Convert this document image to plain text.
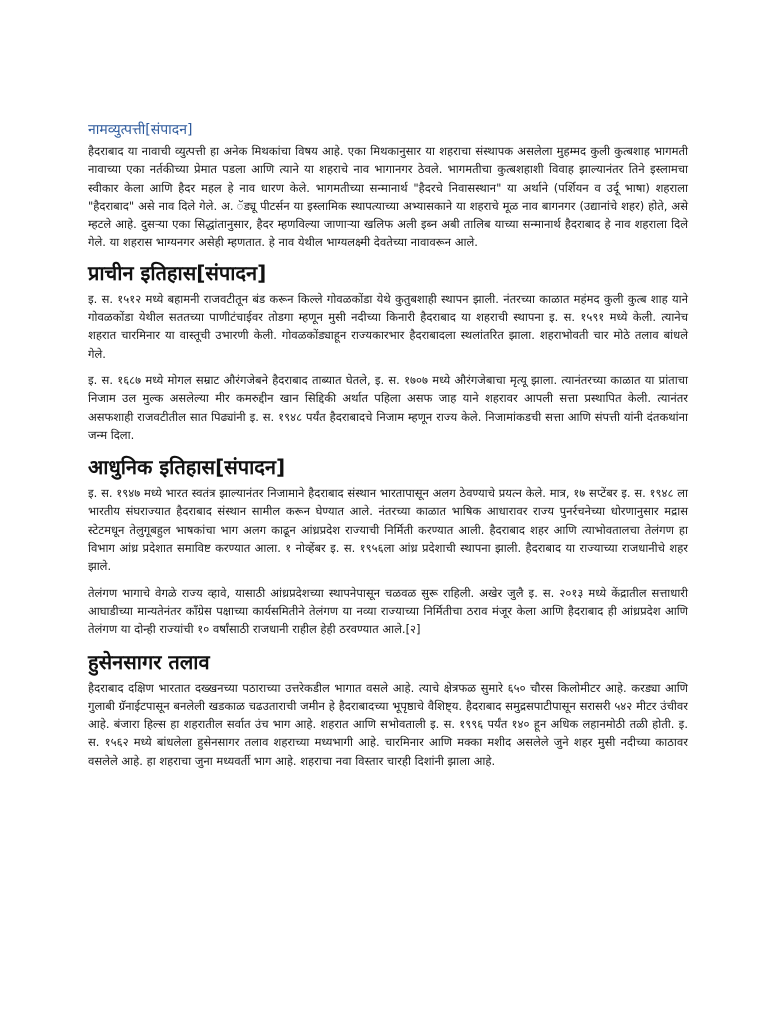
नामव्युत्पत्ती[संपादन]

हैदराबाद या नावाची व्युत्पत्ती हा अनेक मिथकांचा विषय आहे. एका मिथकानुसार या शहराचा संस्थापक असलेला मुहम्मद कुली कुत्बशाह भागमती नावाच्या एका नर्तकीच्या प्रेमात पडला आणि त्याने या शहराचे नाव भागानगर ठेवले. भागमतीचा कुत्बशहाशी विवाह झाल्यानंतर तिने इस्लामचा स्वीकार केला आणि हैदर महल हे नाव धारण केले. भागमतीच्या सन्मानार्थ "हैदरचे निवासस्थान" या अर्थाने (पर्शियन व उर्दू भाषा) शहराला "हैदराबाद" असे नाव दिले गेले. अ. ॅड्यू पीटर्सन या इस्लामिक स्थापत्याच्या अभ्यासकाने या शहराचे मूळ नाव बागनगर (उद्यानांचे शहर) होते, असे म्हटले आहे. दुसऱ्या एका सिद्धांतानुसार, हैदर म्हणविल्या जाणाऱ्या खलिफ अली इब्न अबी तालिब याच्या सन्मानार्थ हैदराबाद हे नाव शहराला दिले गेले. या शहरास भाग्यनगर असेही म्हणतात. हे नाव येथील भाग्यलक्ष्मी देवतेच्या नावावरून आले.

प्राचीन इतिहास[संपादन]

इ. स. १५१२ मध्ये बहामनी राजवटीतून बंड करून किल्ले गोवळकोंडा येथे कुतुबशाही स्थापन झाली. नंतरच्या काळात महंमद कुली कुत्ब शाह याने गोवळकोंडा येथील सततच्या पाणीटंचाईवर तोडगा म्हणून मुसी नदीच्या किनारी हैदराबाद या शहराची स्थापना इ. स. १५९१ मध्ये केली. त्यानेच शहरात चारमिनार या वास्तूची उभारणी केली. गोवळकोंड्याहून राज्यकारभार हैदराबादला स्थलांतरित झाला. शहराभोवती चार मोठे तलाव बांधले गेले.

इ. स. १६८७ मध्ये मोगल सम्राट औरंगजेबने हैदराबाद ताब्यात घेतले, इ. स. १७०७ मध्ये औरंगजेबाचा मृत्यू झाला. त्यानंतरच्या काळात या प्रांताचा निजाम उल मुल्क असलेल्या मीर कमरुद्दीन खान सिद्दिकी अर्थात पहिला असफ जाह याने शहरावर आपली सत्ता प्रस्थापित केली. त्यानंतर असफशाही राजवटीतील सात पिढ्यांनी इ. स. १९४८ पर्यंत हैदराबादचे निजाम म्हणून राज्य केले. निजामांकडची सत्ता आणि संपत्ती यांनी दंतकथांना जन्म दिला.

आधुनिक इतिहास[संपादन]

इ. स. १९४७ मध्ये भारत स्वतंत्र झाल्यानंतर निजामाने हैदराबाद संस्थान भारतापासून अलग ठेवण्याचे प्रयत्न केले. मात्र, १७ सप्टेंबर इ. स. १९४८ ला भारतीय संघराज्यात हैदराबाद संस्थान सामील करून घेण्यात आले. नंतरच्या काळात भाषिक आधारावर राज्य पुनर्रचनेच्या धोरणानुसार मद्रास स्टेटमधून तेलुगूबहुल भाषकांचा भाग अलग काढून आंध्रप्रदेश राज्याची निर्मिती करण्यात आली. हैदराबाद शहर आणि त्याभोवतालचा तेलंगण हा विभाग आंध्र प्रदेशात समाविष्ट करण्यात आला. १ नोव्हेंबर इ. स. १९५६ला आंध्र प्रदेशाची स्थापना झाली. हैदराबाद या राज्याच्या राजधानीचे शहर झाले.

तेलंगण भागाचे वेगळे राज्य व्हावे, यासाठी आंध्रप्रदेशच्या स्थापनेपासून चळवळ सुरू राहिली. अखेर जुलै इ. स. २०१३ मध्ये केंद्रातील सत्ताधारी आघाडीच्या मान्यतेनंतर कॉंग्रेस पक्षाच्या कार्यसमितीने तेलंगण या नव्या राज्याच्या निर्मितीचा ठराव मंजूर केला आणि हैदराबाद ही आंध्रप्रदेश आणि तेलंगण या दोन्ही राज्यांची १० वर्षांसाठी राजधानी राहील हेही ठरवण्यात आले.[२]

हुसेनसागर तलाव

हैदराबाद दक्षिण भारतात दख्खनच्या पठाराच्या उत्तरेकडील भागात वसले आहे. त्याचे क्षेत्रफळ सुमारे ६५० चौरस किलोमीटर आहे. करड्या आणि गुलाबी ग्रॅनाईटपासून बनलेली खडकाळ चढउताराची जमीन हे हैदराबादच्या भूपृष्ठाचे वैशिष्ट्य. हैदराबाद समुद्रसपाटीपासून सरासरी ५४२ मीटर उंचीवर आहे. बंजारा हिल्स हा शहरातील सर्वात उंच भाग आहे. शहरात आणि सभोवताली इ. स. १९९६ पर्यंत १४० हून अधिक लहानमोठी तळी होती. इ. स. १५६२ मध्ये बांधलेला हुसेनसागर तलाव शहराच्या मध्यभागी आहे. चारमिनार आणि मक्का मशीद असलेले जुने शहर मुसी नदीच्या काठावर वसलेले आहे. हा शहराचा जुना मध्यवर्ती भाग आहे. शहराचा नवा विस्तार चारही दिशांनी झाला आहे.
